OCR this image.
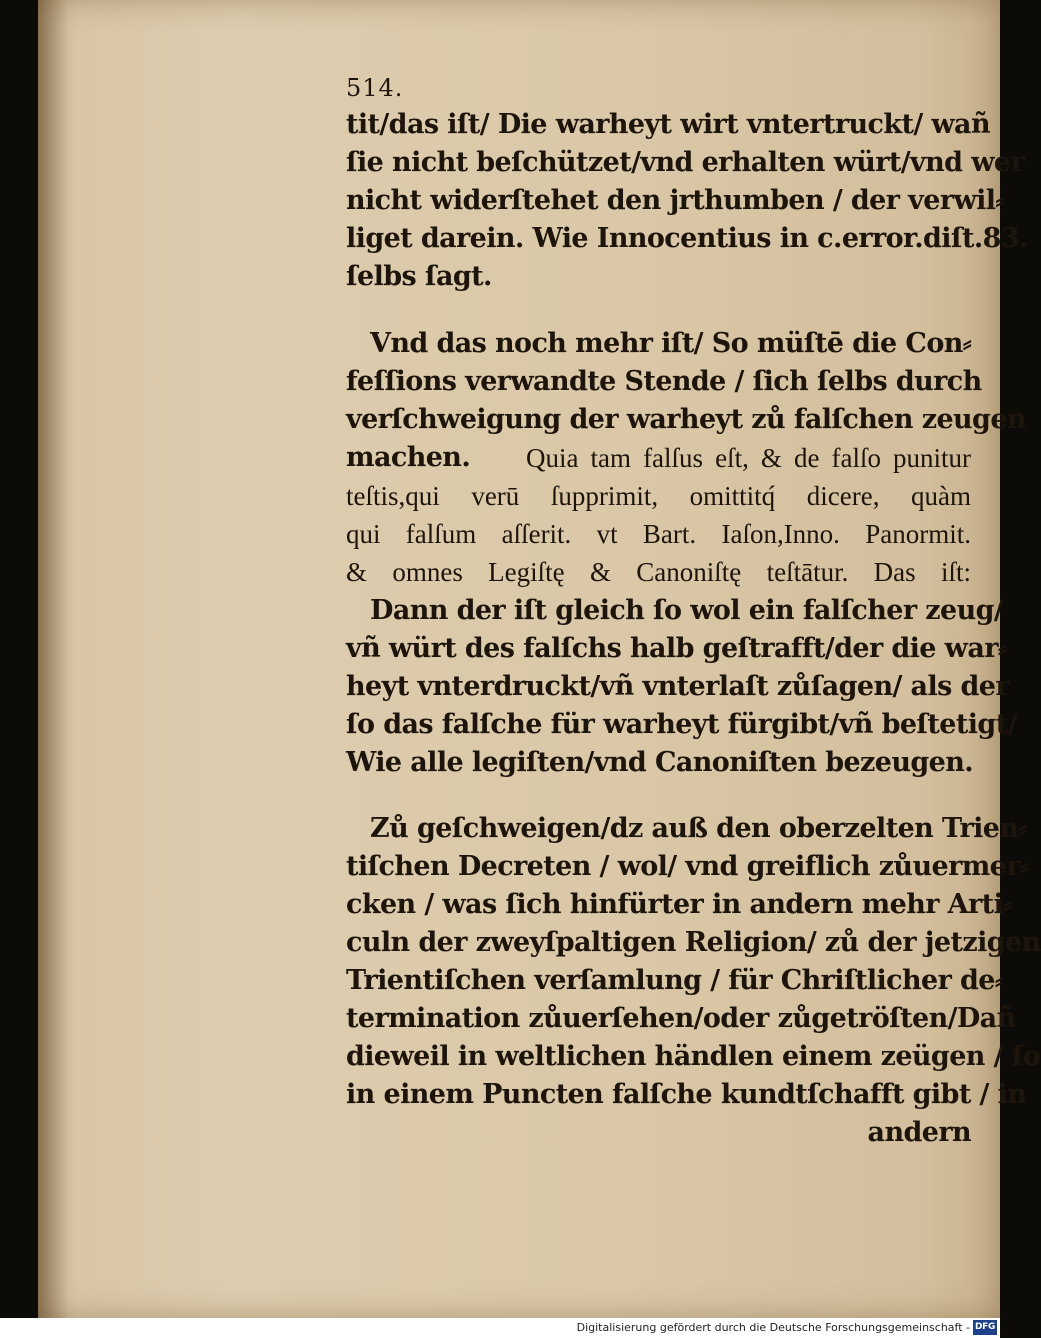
514.
tit/das iſt/ Die warheyt wirt vntertruckt/ wañ
ſie nicht beſchützet/vnd erhalten würt/vnd wer
nicht widerſtehet den jrthumben / der verwil⸗
liget darein. Wie Innocentius in c.error.diſt.83.
ſelbs ſagt.
Vnd das noch mehr iſt/ So müſtē die Con⸗
feſſions verwandte Stende / ſich ſelbs durch
verſchweigung der warheyt zů falſchen zeugen
machen.	Quia tam falſus eſt, & de falſo punitur
teſtis,qui verū ſupprimit, omittitq́ dicere, quàm
qui falſum aſſerit. vt Bart. Iaſon,Inno. Panormit.
& omnes Legiſtę & Canoniſtę teſtātur. Das iſt:
Dann der iſt gleich ſo wol ein falſcher zeug/
vñ würt des falſchs halb geſtrafft/der die war⸗
heyt vnterdruckt/vñ vnterlaſt zůſagen/ als der
ſo das falſche für warheyt fürgibt/vñ beſtetigt/
Wie alle legiſten/vnd Canoniſten bezeugen.
Zů geſchweigen/dz auß den oberzelten Trien⸗
tiſchen Decreten / wol/ vnd greiflich zůuermer⸗
cken / was ſich hinfürter in andern mehr Arti⸗
culn der zweyſpaltigen Religion/ zů der jetzigen
Trientiſchen verſamlung / für Chriſtlicher de⸗
termination zůuerſehen/oder zůgetröſten/Dañ
dieweil in weltlichen händlen einem zeügen / ſo
in einem Puncten falſche kundtſchafft gibt / in
andern
Digitalisierung gefördert durch die Deutsche Forschungsgemeinschaft - DFG
